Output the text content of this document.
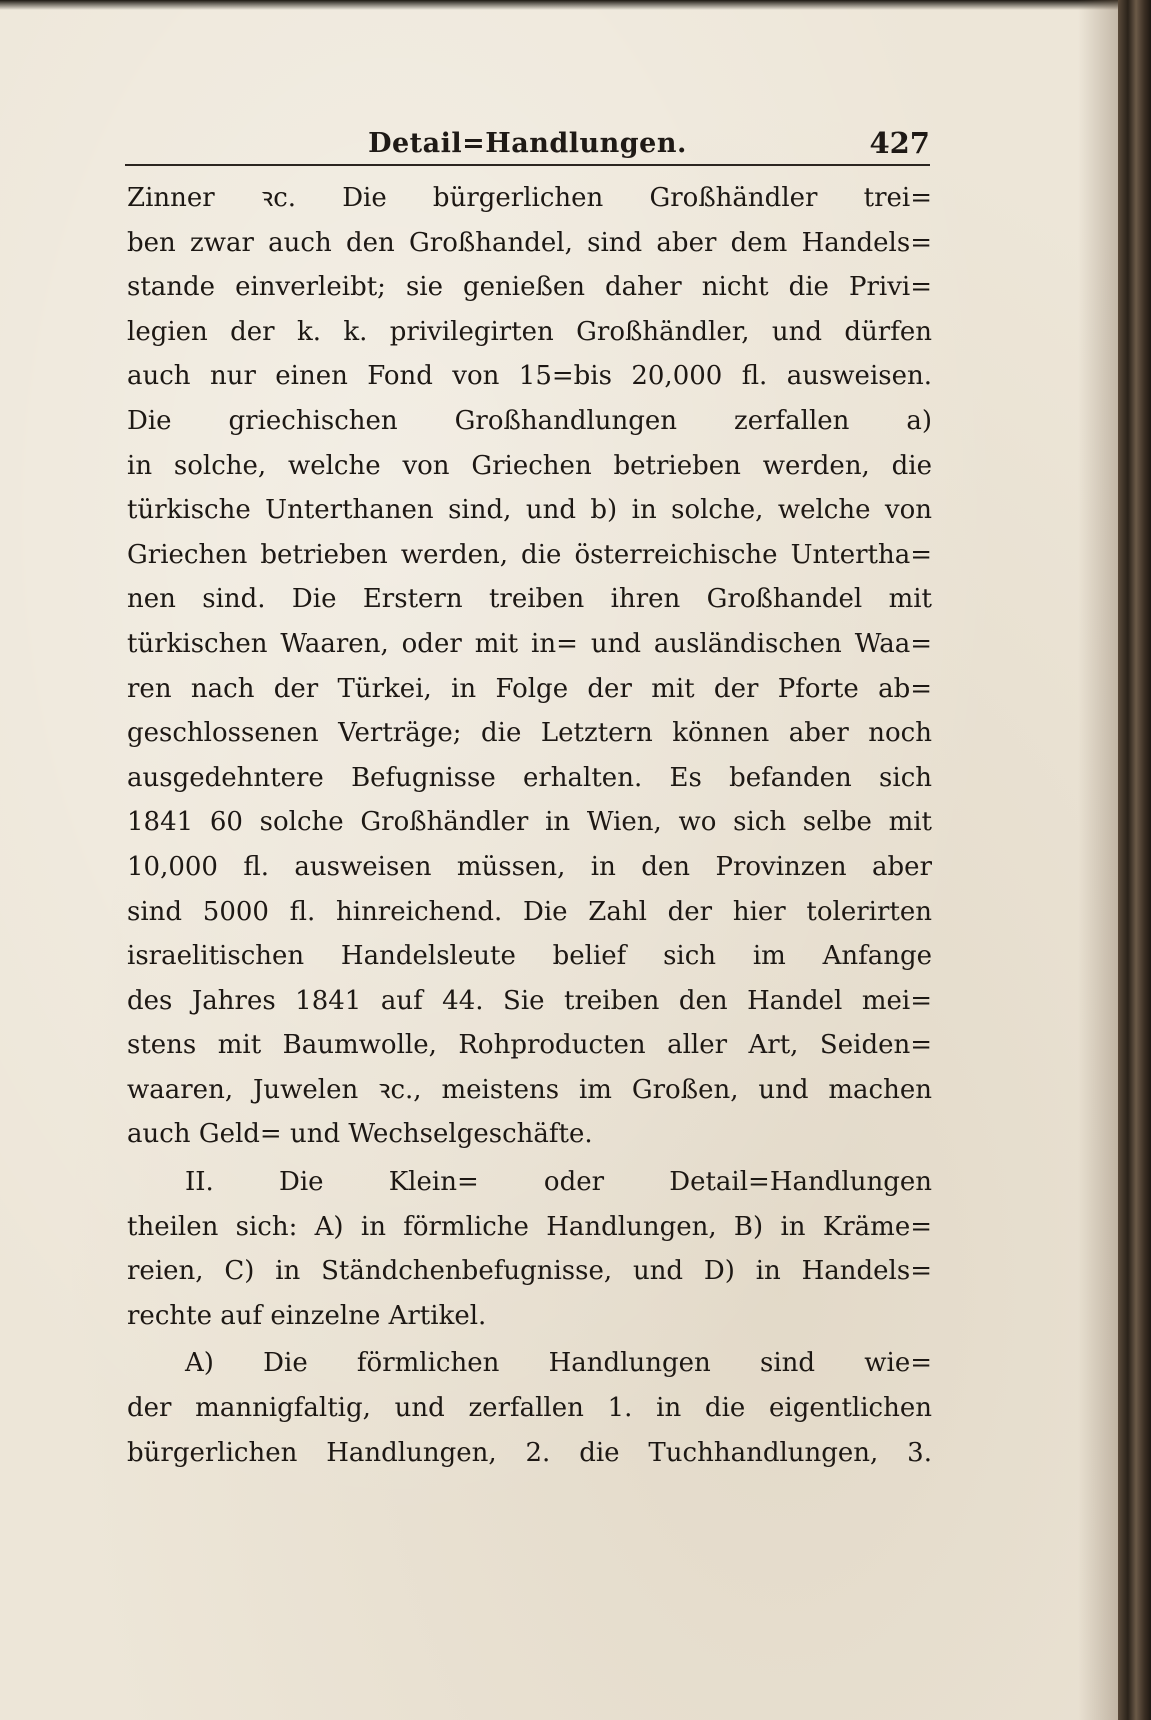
Detail=Handlungen.	427
Zinner ꝛc. Die bürgerlichen Großhändler trei=
ben zwar auch den Großhandel, sind aber dem Handels=
stande einverleibt; sie genießen daher nicht die Privi=
legien der k. k. privilegirten Großhändler, und dürfen
auch nur einen Fond von 15=bis 20,000 fl. ausweisen.
Die griechischen Großhandlungen zerfallen a)
in solche, welche von Griechen betrieben werden, die
türkische Unterthanen sind, und b) in solche, welche von
Griechen betrieben werden, die österreichische Untertha=
nen sind. Die Erstern treiben ihren Großhandel mit
türkischen Waaren, oder mit in= und ausländischen Waa=
ren nach der Türkei, in Folge der mit der Pforte ab=
geschlossenen Verträge; die Letztern können aber noch
ausgedehntere Befugnisse erhalten. Es befanden sich
1841 60 solche Großhändler in Wien, wo sich selbe mit
10,000 fl. ausweisen müssen, in den Provinzen aber
sind 5000 fl. hinreichend. Die Zahl der hier tolerirten
israelitischen Handelsleute belief sich im Anfange
des Jahres 1841 auf 44. Sie treiben den Handel mei=
stens mit Baumwolle, Rohproducten aller Art, Seiden=
waaren, Juwelen ꝛc., meistens im Großen, und machen
auch Geld= und Wechselgeschäfte.
II. Die Klein= oder Detail=Handlungen
theilen sich: A) in förmliche Handlungen, B) in Kräme=
reien, C) in Ständchenbefugnisse, und D) in Handels=
rechte auf einzelne Artikel.
A) Die förmlichen Handlungen sind wie=
der mannigfaltig, und zerfallen 1. in die eigentlichen
bürgerlichen Handlungen, 2. die Tuchhandlungen, 3.
